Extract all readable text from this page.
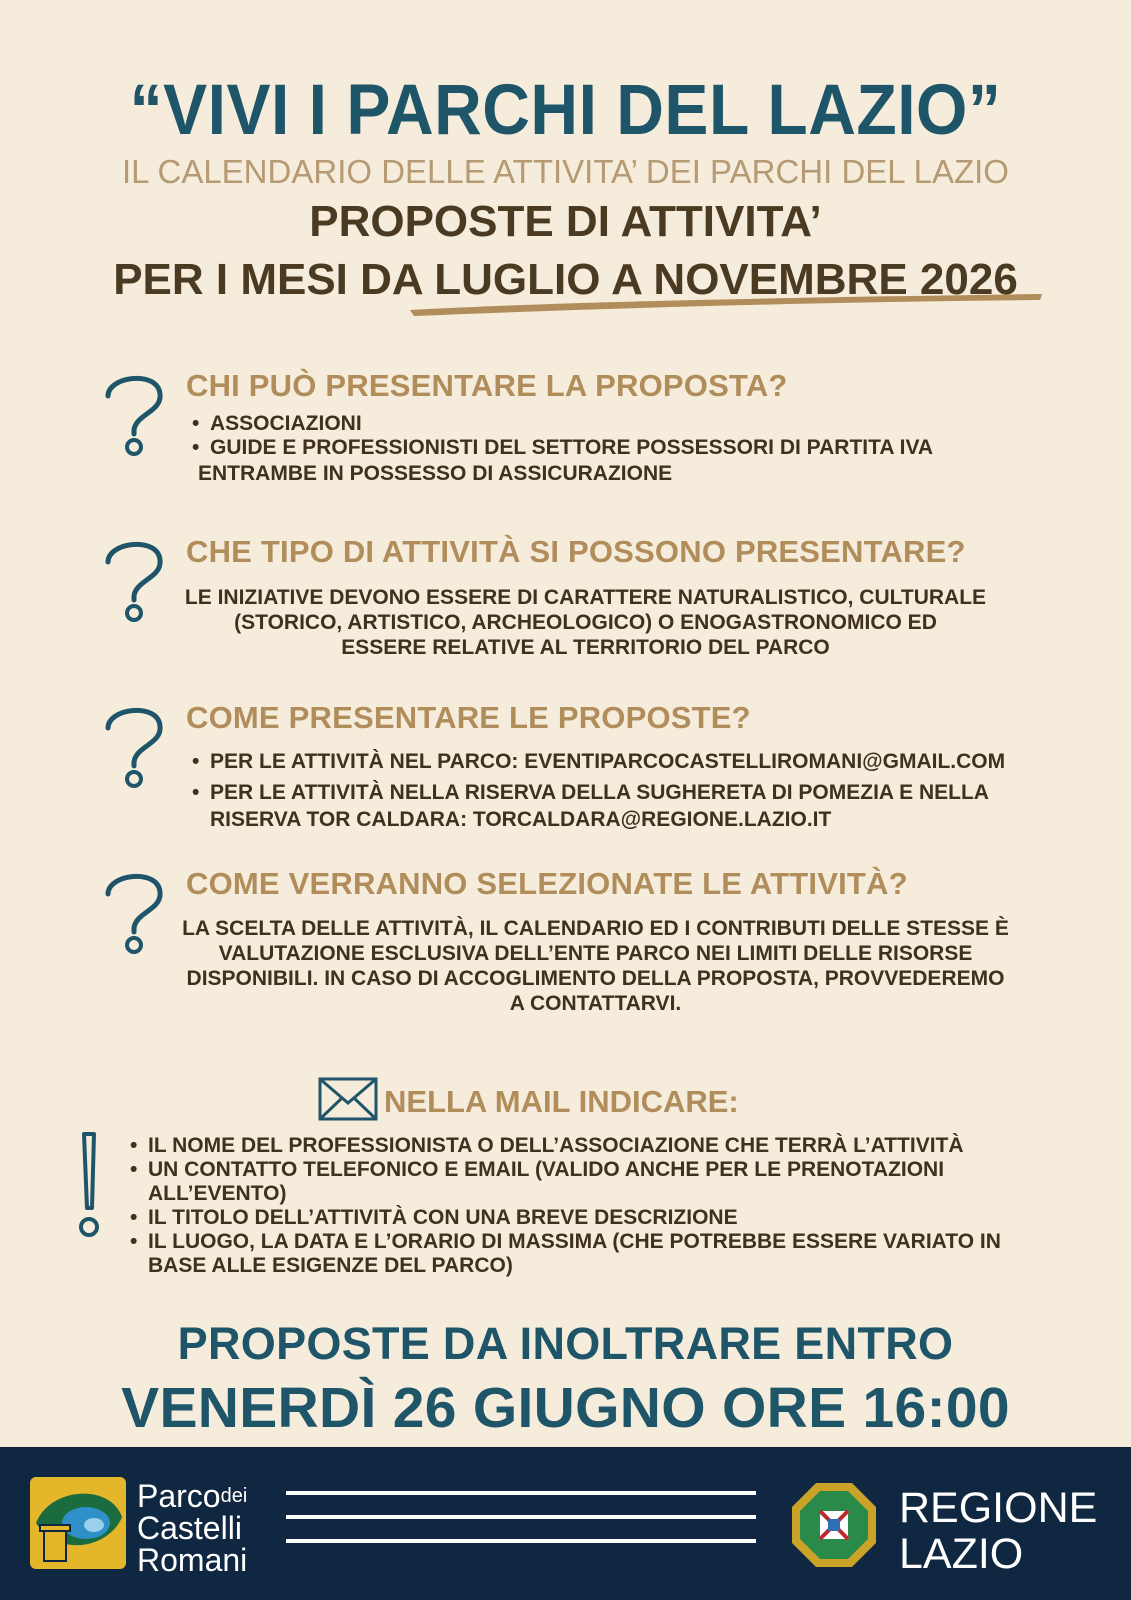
“VIVI I PARCHI DEL LAZIO”
IL CALENDARIO DELLE ATTIVITA’ DEI PARCHI DEL LAZIO
PROPOSTE DI ATTIVITA’
PER I MESI DA LUGLIO A NOVEMBRE 2026
CHI PUÒ PRESENTARE LA PROPOSTA?
• ASSOCIAZIONI
• GUIDE E PROFESSIONISTI DEL SETTORE POSSESSORI DI PARTITA IVA
ENTRAMBE IN POSSESSO DI ASSICURAZIONE
CHE TIPO DI ATTIVITÀ SI POSSONO PRESENTARE?
LE INIZIATIVE DEVONO ESSERE DI CARATTERE NATURALISTICO, CULTURALE
(STORICO, ARTISTICO, ARCHEOLOGICO) O ENOGASTRONOMICO ED
ESSERE RELATIVE AL TERRITORIO DEL PARCO
COME PRESENTARE LE PROPOSTE?
• PER LE ATTIVITÀ NEL PARCO: EVENTIPARCOCASTELLIROMANI@GMAIL.COM
• PER LE ATTIVITÀ NELLA RISERVA DELLA SUGHERETA DI POMEZIA E NELLA
RISERVA TOR CALDARA: TORCALDARA@REGIONE.LAZIO.IT
COME VERRANNO SELEZIONATE LE ATTIVITÀ?
LA SCELTA DELLE ATTIVITÀ, IL CALENDARIO ED I CONTRIBUTI DELLE STESSE È
VALUTAZIONE ESCLUSIVA DELL’ENTE PARCO NEI LIMITI DELLE RISORSE
DISPONIBILI. IN CASO DI ACCOGLIMENTO DELLA PROPOSTA, PROVVEDEREMO
A CONTATTARVI.
NELLA MAIL INDICARE:
• IL NOME DEL PROFESSIONISTA O DELL’ASSOCIAZIONE CHE TERRÀ L’ATTIVITÀ
• UN CONTATTO TELEFONICO E EMAIL (VALIDO ANCHE PER LE PRENOTAZIONI
ALL’EVENTO)
• IL TITOLO DELL’ATTIVITÀ CON UNA BREVE DESCRIZIONE
• IL LUOGO, LA DATA E L’ORARIO DI MASSIMA (CHE POTREBBE ESSERE VARIATO IN
BASE ALLE ESIGENZE DEL PARCO)
PROPOSTE DA INOLTRARE ENTRO
VENERDÌ 26 GIUGNO ORE 16:00
Parco$^{dei}$
Castelli
Romani
REGIONE
LAZIO
